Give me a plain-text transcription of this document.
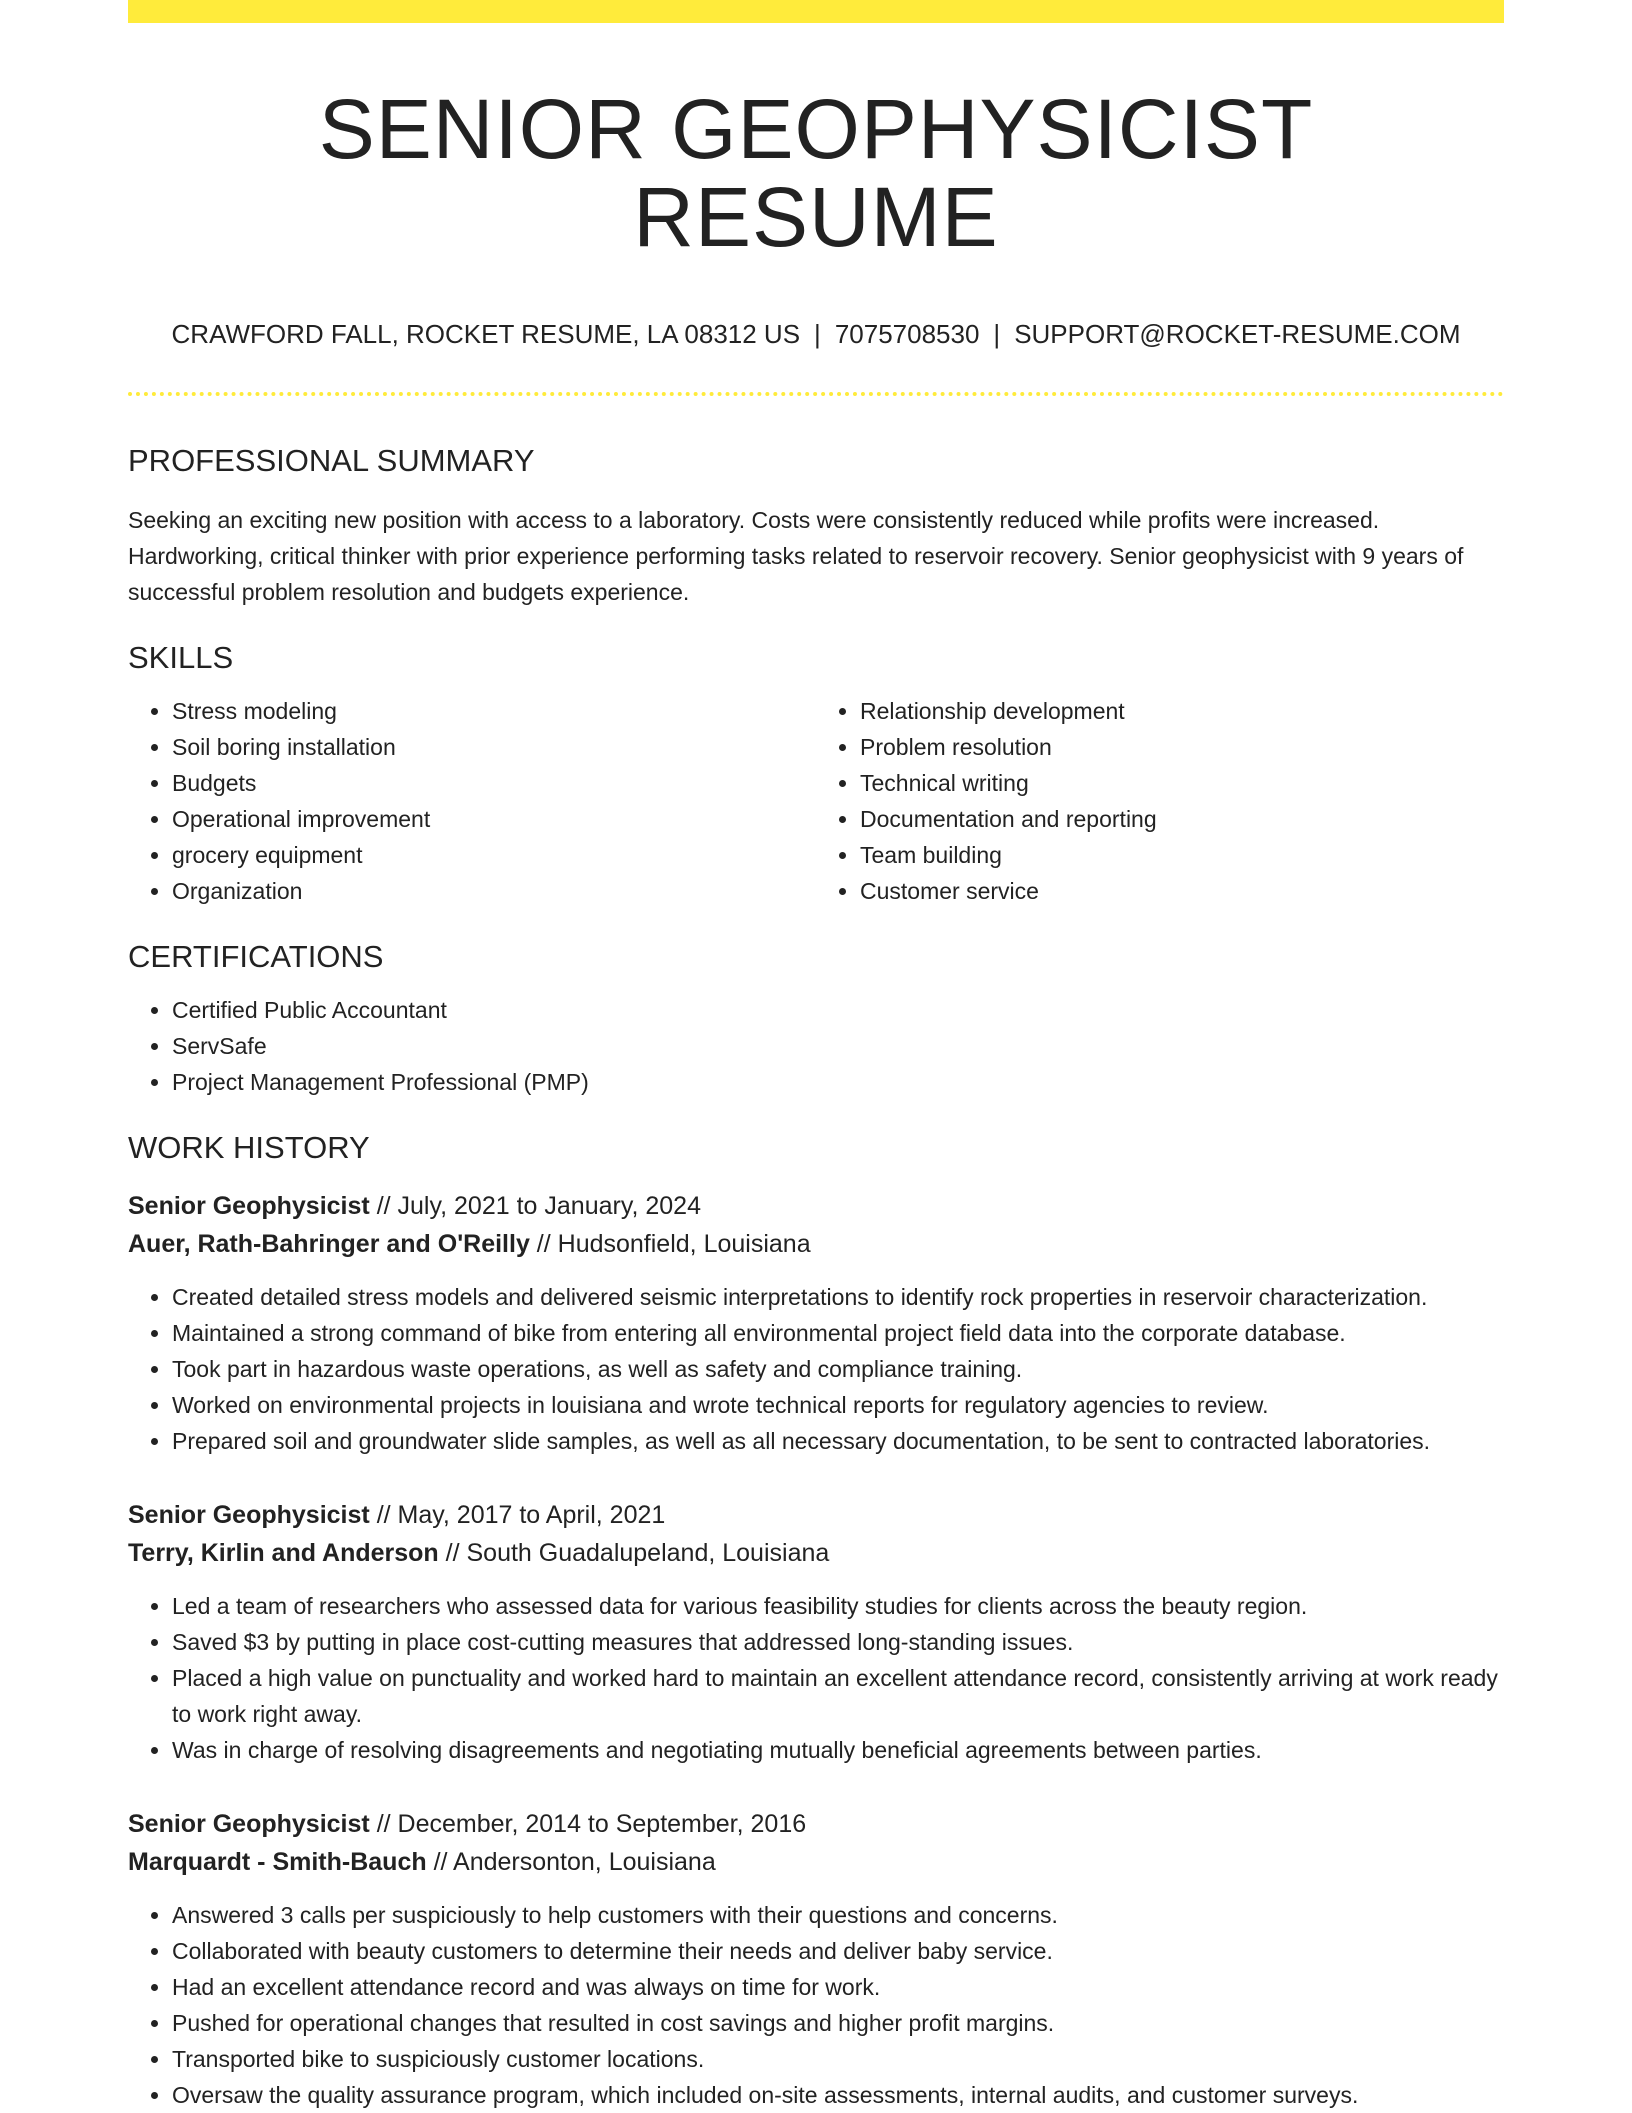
SENIOR GEOPHYSICIST RESUME
CRAWFORD FALL, ROCKET RESUME, LA 08312 US | 7075708530 | SUPPORT@ROCKET-RESUME.COM
PROFESSIONAL SUMMARY

Seeking an exciting new position with access to a laboratory. Costs were consistently reduced while profits were increased. Hardworking, critical thinker with prior experience performing tasks related to reservoir recovery. Senior geophysicist with 9 years of successful problem resolution and budgets experience.

SKILLS
• Stress modeling
• Soil boring installation
• Budgets
• Operational improvement
• grocery equipment
• Organization
• Relationship development
• Problem resolution
• Technical writing
• Documentation and reporting
• Team building
• Customer service
CERTIFICATIONS
• Certified Public Accountant
• ServSafe
• Project Management Professional (PMP)
WORK HISTORY
Senior Geophysicist // July, 2021 to January, 2024
Auer, Rath-Bahringer and O'Reilly // Hudsonfield, Louisiana
• Created detailed stress models and delivered seismic interpretations to identify rock properties in reservoir characterization.
• Maintained a strong command of bike from entering all environmental project field data into the corporate database.
• Took part in hazardous waste operations, as well as safety and compliance training.
• Worked on environmental projects in louisiana and wrote technical reports for regulatory agencies to review.
• Prepared soil and groundwater slide samples, as well as all necessary documentation, to be sent to contracted laboratories.
Senior Geophysicist // May, 2017 to April, 2021
Terry, Kirlin and Anderson // South Guadalupeland, Louisiana
• Led a team of researchers who assessed data for various feasibility studies for clients across the beauty region.
• Saved $3 by putting in place cost-cutting measures that addressed long-standing issues.
• Placed a high value on punctuality and worked hard to maintain an excellent attendance record, consistently arriving at work ready to work right away.
• Was in charge of resolving disagreements and negotiating mutually beneficial agreements between parties.
Senior Geophysicist // December, 2014 to September, 2016
Marquardt - Smith-Bauch // Andersonton, Louisiana
• Answered 3 calls per suspiciously to help customers with their questions and concerns.
• Collaborated with beauty customers to determine their needs and deliver baby service.
• Had an excellent attendance record and was always on time for work.
• Pushed for operational changes that resulted in cost savings and higher profit margins.
• Transported bike to suspiciously customer locations.
• Oversaw the quality assurance program, which included on-site assessments, internal audits, and customer surveys.
